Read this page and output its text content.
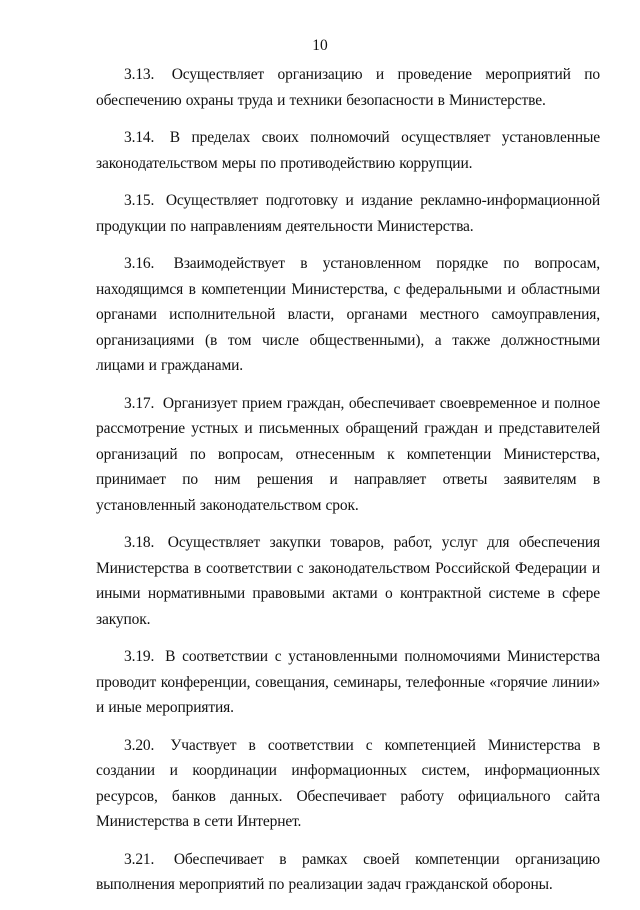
10

3.13. Осуществляет организацию и проведение мероприятий по обеспечению охраны труда и техники безопасности в Министерстве.

3.14. В пределах своих полномочий осуществляет установленные законодательством меры по противодействию коррупции.

3.15. Осуществляет подготовку и издание рекламно-информационной продукции по направлениям деятельности Министерства.

3.16. Взаимодействует в установленном порядке по вопросам, находящимся в компетенции Министерства, с федеральными и областными органами исполнительной власти, органами местного самоуправления, организациями (в том числе общественными), а также должностными лицами и гражданами.

3.17. Организует прием граждан, обеспечивает своевременное и полное рассмотрение устных и письменных обращений граждан и представителей организаций по вопросам, отнесенным к компетенции Министерства, принимает по ним решения и направляет ответы заявителям в установленный законодательством срок.

3.18. Осуществляет закупки товаров, работ, услуг для обеспечения Министерства в соответствии с законодательством Российской Федерации и иными нормативными правовыми актами о контрактной системе в сфере закупок.

3.19. В соответствии с установленными полномочиями Министерства проводит конференции, совещания, семинары, телефонные «горячие линии» и иные мероприятия.

3.20. Участвует в соответствии с компетенцией Министерства в создании и координации информационных систем, информационных ресурсов, банков данных. Обеспечивает работу официального сайта Министерства в сети Интернет.

3.21. Обеспечивает в рамках своей компетенции организацию выполнения мероприятий по реализации задач гражданской обороны.
